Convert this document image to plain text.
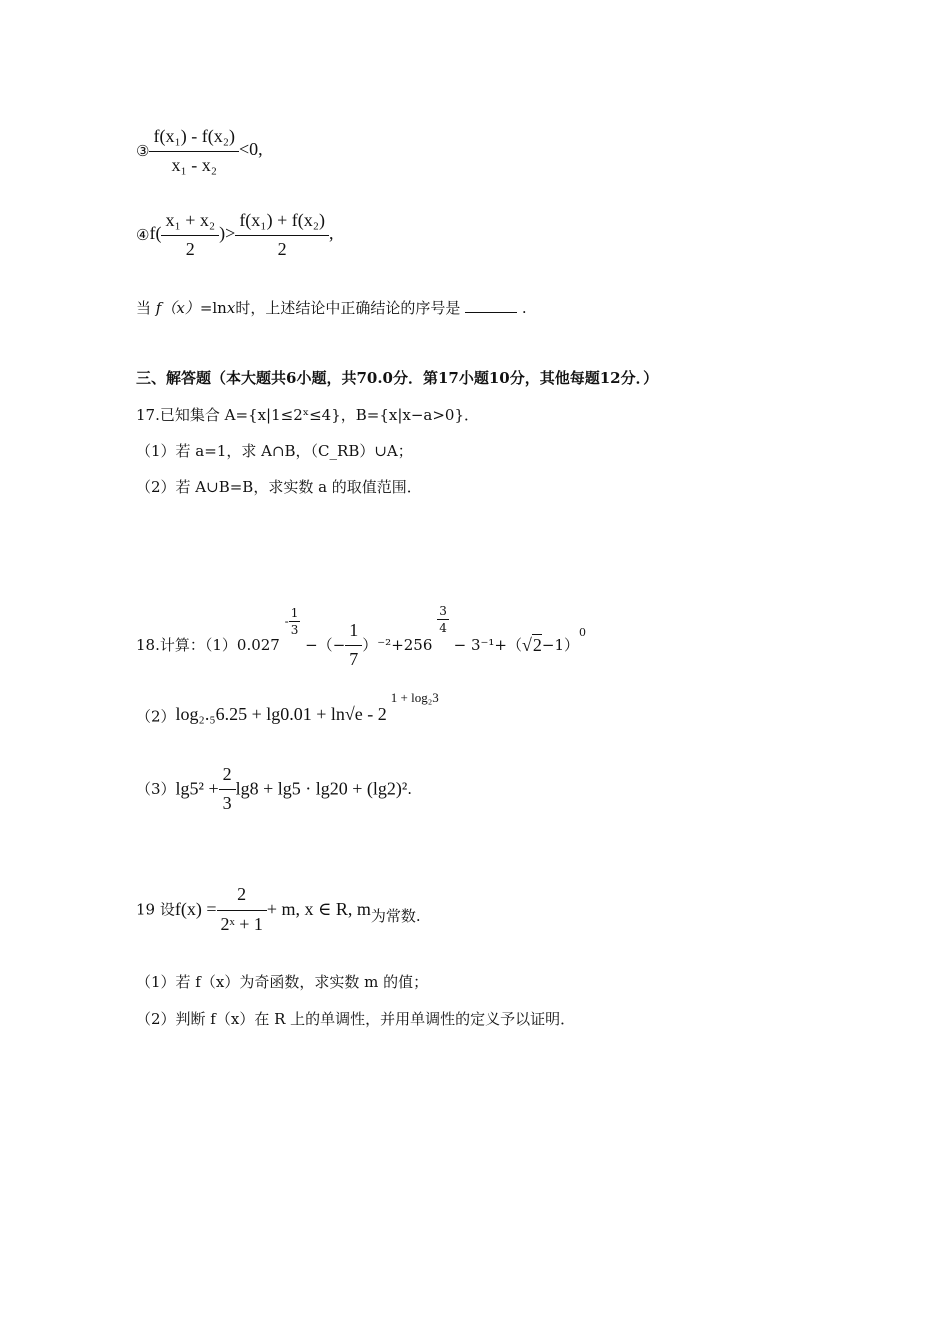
③ $\frac{\text{f(x₁) - f(x₂)}}{\text{x₁ - x₂}} <0$,
④f( $\frac{\text{x₁ + x₂}}{2}$ )> $\frac{\text{f(x₁) + f(x₂)}}{2}$ ,
当 f（x）=lnx时，上述结论中正确结论的序号是	.
三、解答题（本大题共6小题，共70.0分．第17小题10分，其他每题12分．）
17.已知集合 A={x|1≤2ˣ≤4}，B={x|x−a>0}．
（1）若 a=1，求 A∩B，（C_RB）∪A；
（2）若 A∪B=B，求实数 a 的取值范围．
18.计算：$(1)0.027 - \frac{1}{3}$
−（− $\frac{1}{7} )^{-2}+256$
$\frac{3}{4}$
− $3^{-1}+(√2-1)^0$
（2）log₂.₅6.25 + lg0.01 + ln√e - 21 + log₂3
$(3)\lg 5^2 + \frac{2}{3} \lg 8 + \lg 5 \cdot \lg 20 + (\lg 2)^2$.
19 设$f(x) = \frac{2}{\text{2ˣ + 1}} + m$, x ∈ R, m为常数.
（1）若 f（x）为奇函数，求实数 m 的值；
（2）判断 f（x）在 R 上的单调性，并用单调性的定义予以证明．
